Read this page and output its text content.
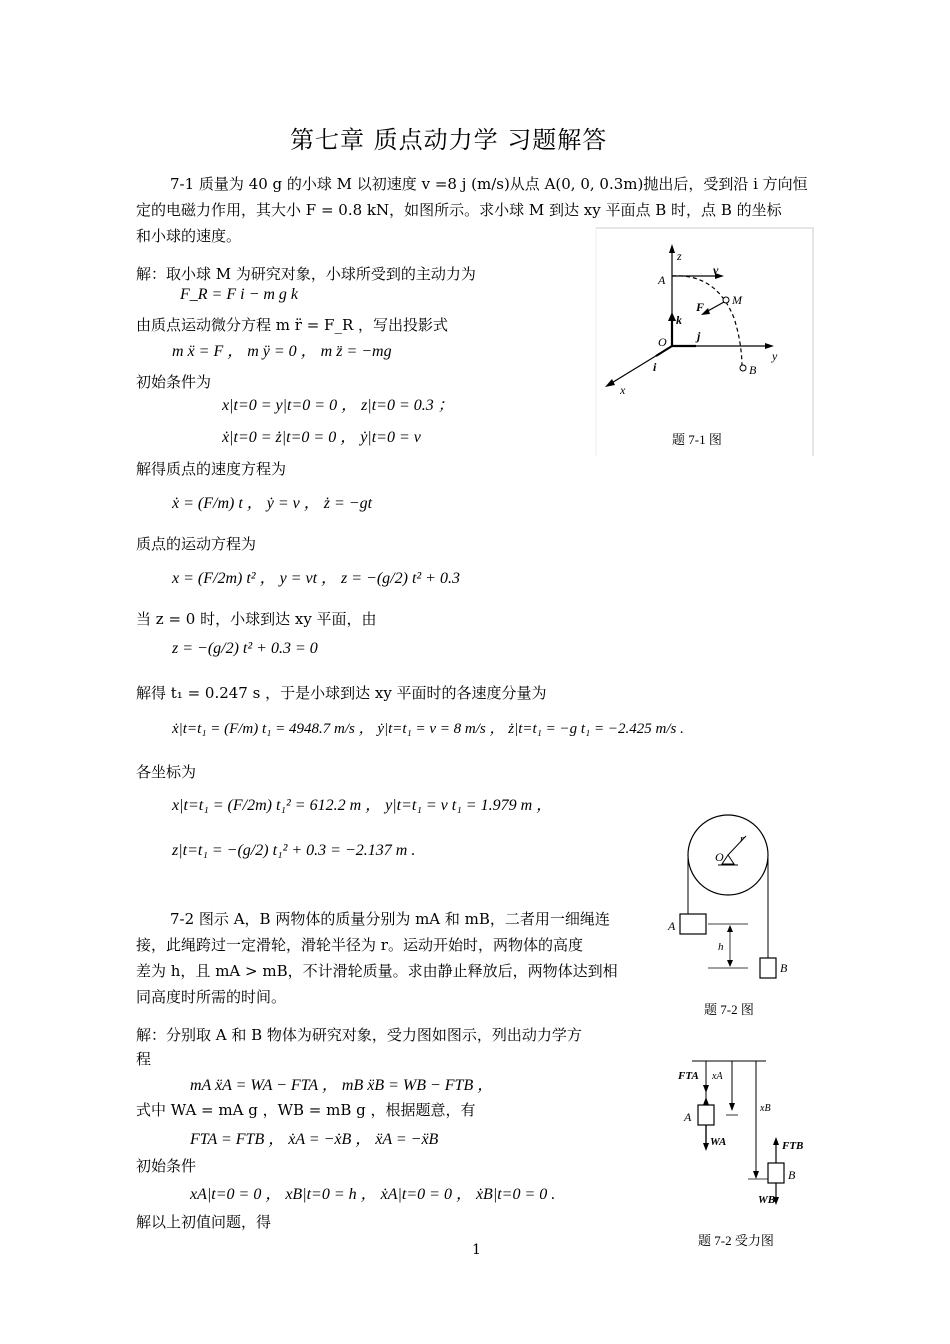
第七章 质点动力学 习题解答
7-1 质量为 40 g 的小球 M 以初速度 v =8 j (m/s)从点 A(0, 0, 0.3m)抛出后，受到沿 i 方向恒
定的电磁力作用，其大小 F = 0.8 kN，如图所示。求小球 M 到达 xy 平面点 B 时，点 B 的坐标
和小球的速度。
解：取小球 M 为研究对象，小球所受到的主动力为
F_R = F i − m g k
由质点运动微分方程 m r̈ = F_R ，写出投影式
m ẍ = F ， m ÿ = 0 ， m z̈ = −mg
初始条件为
x|t=0 = y|t=0 = 0 ， z|t=0 = 0.3 ；
ẋ|t=0 = ż|t=0 = 0 ， ẏ|t=0 = v
解得质点的速度方程为
ẋ = (F/m) t ， ẏ = v ， ż = −gt
质点的运动方程为
x = (F/2m) t² ， y = vt ， z = −(g/2) t² + 0.3
当 z = 0 时，小球到达 xy 平面，由
z = −(g/2) t² + 0.3 = 0
解得 t₁ = 0.247 s ，于是小球到达 xy 平面时的各速度分量为
ẋ|t=t₁ = (F/m) t₁ = 4948.7 m/s ， ẏ|t=t₁ = v = 8 m/s ， ż|t=t₁ = −g t₁ = −2.425 m/s .
各坐标为
x|t=t₁ = (F/2m) t₁² = 612.2 m ， y|t=t₁ = v t₁ = 1.979 m ，
z|t=t₁ = −(g/2) t₁² + 0.3 = −2.137 m .
z
v
A
F M
k
j
O
y
i	B
x
题 7-1 图
7-2 图示 A，B 两物体的质量分别为 mA 和 mB，二者用一细绳连
接，此绳跨过一定滑轮，滑轮半径为 r。运动开始时，两物体的高度
差为 h，且 mA > mB，不计滑轮质量。求由静止释放后，两物体达到相
同高度时所需的时间。
解：分别取 A 和 B 物体为研究对象，受力图如图示，列出动力学方
程
mA ẍA = WA − FTA ， mB ẍB = WB − FTB ，
式中 WA = mA g ，WB = mB g ，根据题意，有
FTA = FTB ， ẋA = −ẋB ， ẍA = −ẍB
初始条件
xA|t=0 = 0 ， xB|t=0 = h ， ẋA|t=0 = 0 ， ẋB|t=0 = 0 .
解以上初值问题，得
r
O
A
h
B
题 7-2 图
FTA xA
xB
A
WA	FTB
B
WB
题 7-2 受力图
1
